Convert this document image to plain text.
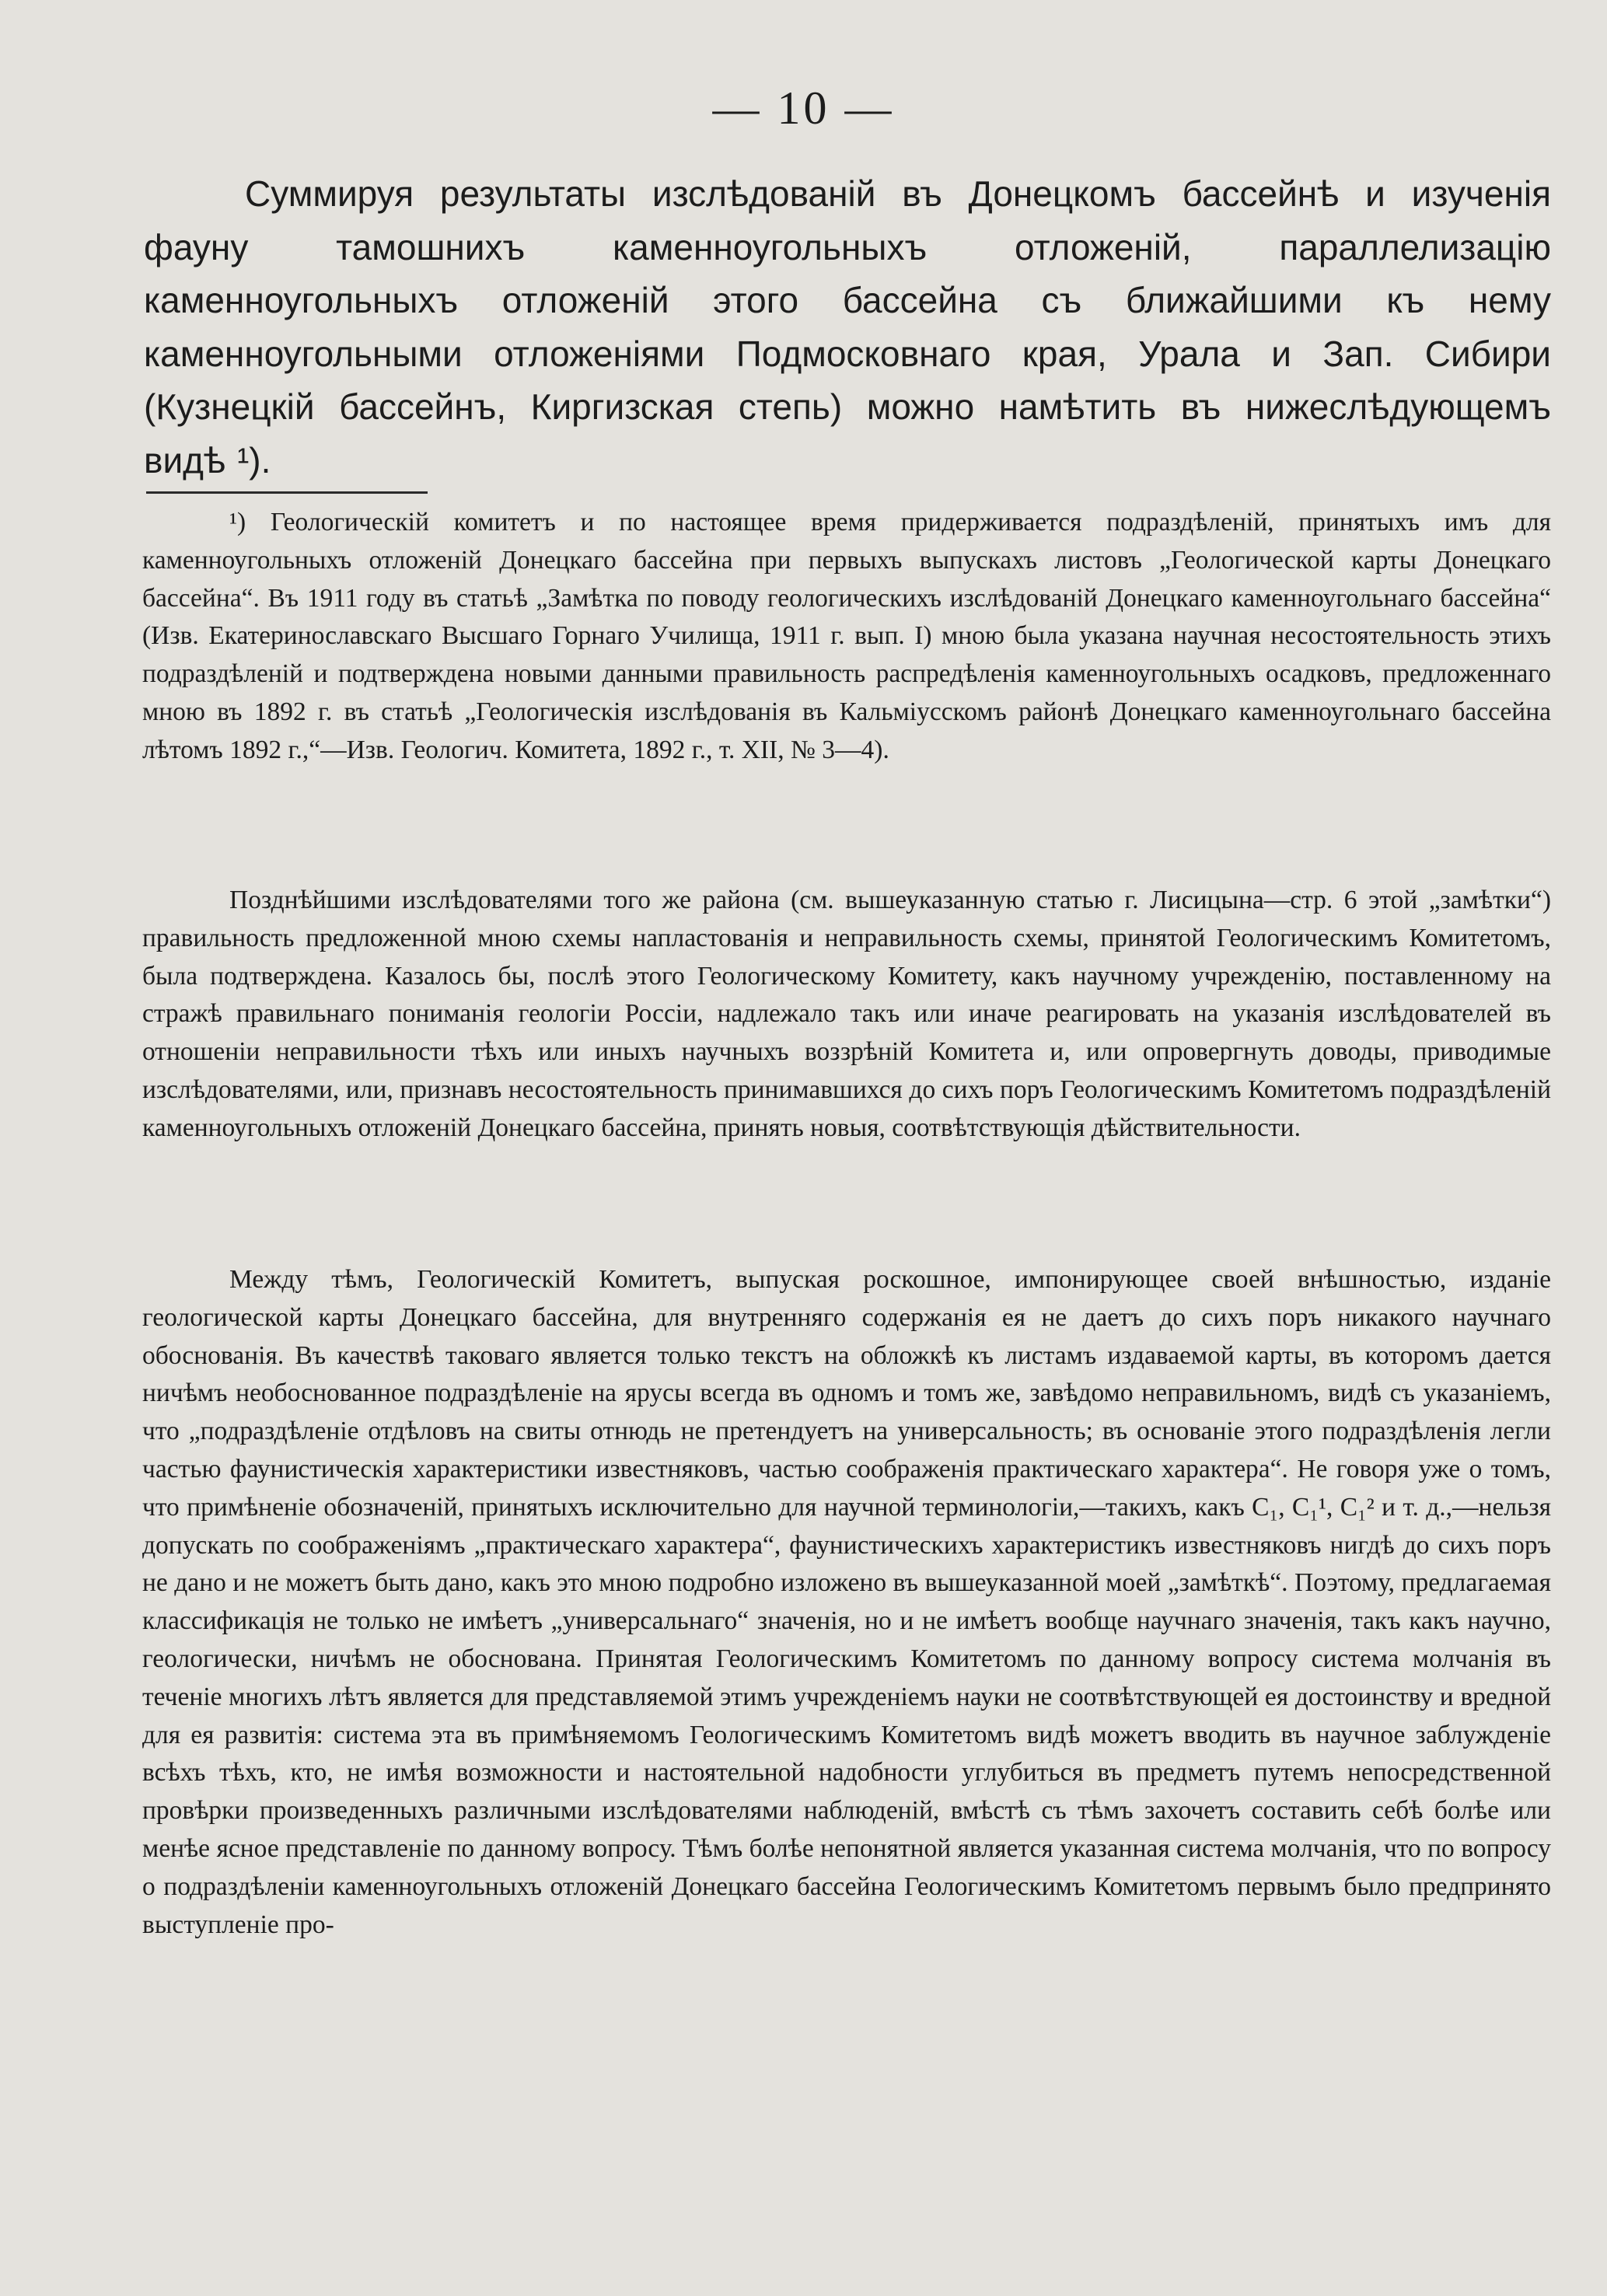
— 10 —

Суммируя результаты изслѣдованій въ Донецкомъ бассейнѣ и изученія фауну тамошнихъ каменноугольныхъ отложеній, параллелизацію каменноугольныхъ отложеній этого бассейна съ ближайшими къ нему каменноугольными отложеніями Подмосковнаго края, Урала и Зап. Сибири (Кузнецкій бассейнъ, Киргизская степь) можно намѣтить въ нижеслѣдующемъ видѣ ¹).

¹) Геологическій комитетъ и по настоящее время придерживается подраздѣленій, принятыхъ имъ для каменноугольныхъ отложеній Донецкаго бассейна при первыхъ выпускахъ листовъ „Геологической карты Донецкаго бассейна“. Въ 1911 году въ статьѣ „Замѣтка по поводу геологическихъ изслѣдованій Донецкаго каменноугольнаго бассейна“ (Изв. Екатеринославскаго Высшаго Горнаго Училища, 1911 г. вып. I) мною была указана научная несостоятельность этихъ подраздѣленій и подтверждена новыми данными правильность распредѣленія каменноугольныхъ осадковъ, предложеннаго мною въ 1892 г. въ статьѣ „Геологическія изслѣдованія въ Кальміусскомъ районѣ Донецкаго каменноугольнаго бассейна лѣтомъ 1892 г.,“—Изв. Геологич. Комитета, 1892 г., т. XII, № 3—4).

Позднѣйшими изслѣдователями того же района (см. вышеуказанную статью г. Лисицына—стр. 6 этой „замѣтки“) правильность предложенной мною схемы напластованія и неправильность схемы, принятой Геологическимъ Комитетомъ, была подтверждена. Казалось бы, послѣ этого Геологическому Комитету, какъ научному учрежденію, поставленному на стражѣ правильнаго пониманія геологіи Россіи, надлежало такъ или иначе реагировать на указанія изслѣдователей въ отношеніи неправильности тѣхъ или иныхъ научныхъ воззрѣній Комитета и, или опровергнуть доводы, приводимые изслѣдователями, или, признавъ несостоятельность принимавшихся до сихъ поръ Геологическимъ Комитетомъ подраздѣленій каменноугольныхъ отложеній Донецкаго бассейна, принять новыя, соотвѣтствующія дѣйствительности.

Между тѣмъ, Геологическій Комитетъ, выпуская роскошное, импонирующее своей внѣшностью, изданіе геологической карты Донецкаго бассейна, для внутренняго содержанія ея не даетъ до сихъ поръ никакого научнаго обоснованія. Въ качествѣ таковаго является только текстъ на обложкѣ къ листамъ издаваемой карты, въ которомъ дается ничѣмъ необоснованное подраздѣленіе на ярусы всегда въ одномъ и томъ же, завѣдомо неправильномъ, видѣ съ указаніемъ, что „подраздѣленіе отдѣловъ на свиты отнюдь не претендуетъ на универсальность; въ основаніе этого подраздѣленія легли частью фаунистическія характеристики известняковъ, частью соображенія практическаго характера“. Не говоря уже о томъ, что примѣненіе обозначеній, принятыхъ исключительно для научной терминологіи,—такихъ, какъ C₁, C₁¹, C₁² и т. д.,—нельзя допускать по соображеніямъ „практическаго характера“, фаунистическихъ характеристикъ известняковъ нигдѣ до сихъ поръ не дано и не можетъ быть дано, какъ это мною подробно изложено въ вышеуказанной моей „замѣткѣ“. Поэтому, предлагаемая классификація не только не имѣетъ „универсальнаго“ значенія, но и не имѣетъ вообще научнаго значенія, такъ какъ научно, геологически, ничѣмъ не обоснована. Принятая Геологическимъ Комитетомъ по данному вопросу система молчанія въ теченіе многихъ лѣтъ является для представляемой этимъ учрежденіемъ науки не соотвѣтствующей ея достоинству и вредной для ея развитія: система эта въ примѣняемомъ Геологическимъ Комитетомъ видѣ можетъ вводить въ научное заблужденіе всѣхъ тѣхъ, кто, не имѣя возможности и настоятельной надобности углубиться въ предметъ путемъ непосредственной провѣрки произведенныхъ различными изслѣдователями наблюденій, вмѣстѣ съ тѣмъ захочетъ составить себѣ болѣе или менѣе ясное представленіе по данному вопросу. Тѣмъ болѣе непонятной является указанная система молчанія, что по вопросу о подраздѣленіи каменноугольныхъ отложеній Донецкаго бассейна Геологическимъ Комитетомъ первымъ было предпринято выступленіе про-
